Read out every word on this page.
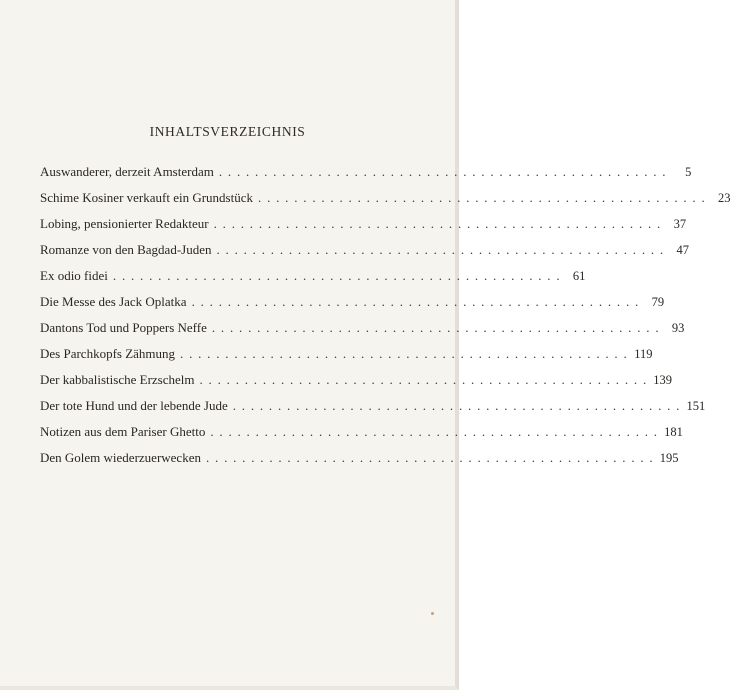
INHALTSVERZEICHNIS
Auswanderer, derzeit Amsterdam ..................................................	5
Schime Kosiner verkauft ein Grundstück .................................................. 23
Lobing, pensionierter Redakteur .................................................. 37
Romanze von den Bagdad-Juden .................................................. 47
Ex odio fidei .................................................. 61
Die Messe des Jack Oplatka .................................................. 79
Dantons Tod und Poppers Neffe .................................................. 93
Des Parchkopfs Zähmung .................................................. 119
Der kabbalistische Erzschelm .................................................. 139
Der tote Hund und der lebende Jude .................................................. 151
Notizen aus dem Pariser Ghetto .................................................. 181
Den Golem wiederzuerwecken .................................................. 195
